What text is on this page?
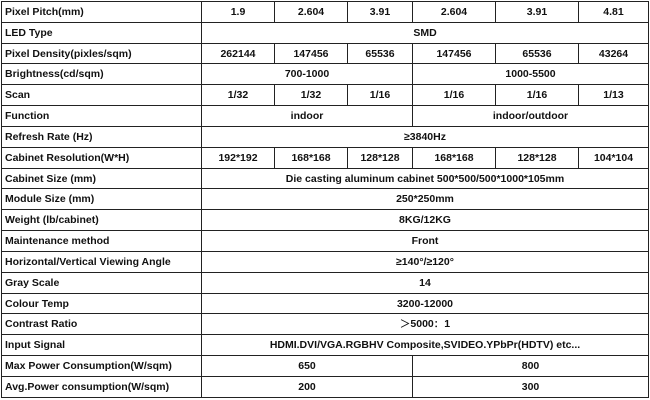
Pixel Pitch(mm)	1.9	2.604	3.91	2.604	3.91	4.81
LED Type	SMD					
Pixel Density(pixles/sqm)	262144	147456	65536	147456	65536	43264
Brightness(cd/sqm)	700-1000			1000-5500		
Scan	1/32	1/32	1/16	1/16	1/16	1/13
Function	indoor			indoor/outdoor		
Refresh Rate (Hz)	≥3840Hz					
Cabinet Resolution(W*H)	192*192	168*168	128*128	168*168	128*128	104*104
Cabinet Size (mm)	Die casting aluminum cabinet 500*500/500*1000*105mm					
Module Size (mm)	250*250mm					
Weight (lb/cabinet)	8KG/12KG					
Maintenance method	Front					
Horizontal/Vertical Viewing Angle	≥140°/≥120°					
Gray Scale	14					
Colour Temp	3200-12000					
Contrast Ratio	＞5000：1					
Input Signal	HDMI.DVI/VGA.RGBHV Composite,SVIDEO.YPbPr(HDTV) etc...					
Max Power Consumption(W/sqm)	650			800		
Avg.Power consumption(W/sqm)	200			300		
